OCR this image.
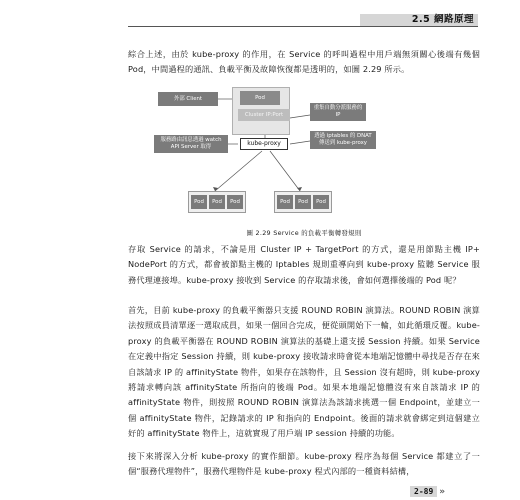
2.5 網路原理

綜合上述，由於 kube-proxy 的作用，在 Service 的呼叫過程中用戶端無須關心後端有幾個 Pod，中間過程的通訊、負載平衡及故障恢復都是透明的，如圖 2.29 所示。

外部 Client	Pod
Cluster IP:Port
kube-proxy
重集自動分派服務的 IP
透過 iptables 的 DNAT 傳送到 kube-proxy
服務路由訊息透過 watch API Server 取得
Pod	Pod	Pod	Pod	Pod	Pod
圖 2.29 Service 的負載平衡轉發規則

存取 Service 的請求，不論是用 Cluster IP + TargetPort 的方式，還是用節點主機 IP+ NodePort 的方式，都會被節點主機的 Iptables 規則重導向到 kube-proxy 監聽 Service 服務代理連接埠。kube-proxy 接收到 Service 的存取請求後，會如何選擇後端的 Pod 呢？

首先，目前 kube-proxy 的負載平衡器只支援 ROUND ROBIN 演算法。ROUND ROBIN 演算法按照成員清單逐一選取成員，如果一個回合完成，便從頭開始下一輪，如此循環反覆。kube-proxy 的負載平衡器在 ROUND ROBIN 演算法的基礎上還支援 Session 持續。如果 Service 在定義中指定 Session 持續，則 kube-proxy 接收請求時會從本地端記憶體中尋找是否存在來自該請求 IP 的 affinityState 物件，如果存在該物件，且 Session 沒有超時，則 kube-proxy 將請求轉向該 affinityState 所指向的後端 Pod。如果本地端記憶體沒有來自該請求 IP 的 affinityState 物件，則按照 ROUND ROBIN 演算法為該請求挑選一個 Endpoint，並建立一個 affinityState 物件，記錄請求的 IP 和指向的 Endpoint。後面的請求就會綁定到這個建立好的 affinityState 物件上，這就實現了用戶端 IP session 持續的功能。

接下來將深入分析 kube-proxy 的實作細節。kube-proxy 程序為每個 Service 都建立了一個“服務代理物件”，服務代理物件是 kube-proxy 程式內部的一種資料結構，

2-89 »
